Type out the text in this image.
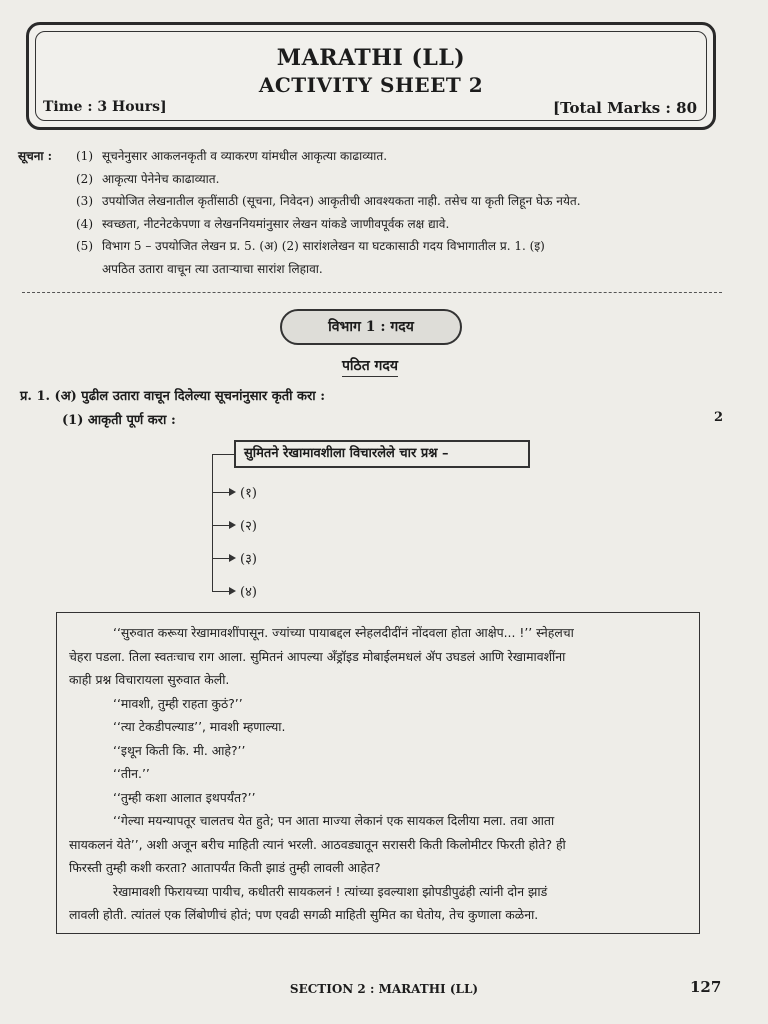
MARATHI (LL)
ACTIVITY SHEET 2
Time : 3 Hours]	[Total Marks : 80
सूचना :	(1) सूचनेनुसार आकलनकृती व व्याकरण यांमधील आकृत्या काढाव्यात.
(2) आकृत्या पेनेनेच काढाव्यात.
(3) उपयोजित लेखनातील कृतींसाठी (सूचना, निवेदन) आकृतीची आवश्यकता नाही. तसेच या कृती लिहून घेऊ नयेत.
(4) स्वच्छता, नीटनेटकेपणा व लेखननियमांनुसार लेखन यांकडे जाणीवपूर्वक लक्ष द्यावे.
(5) विभाग 5 – उपयोजित लेखन प्र. 5. (अ) (2) सारांशलेखन या घटकासाठी गदय विभागातील प्र. 1. (इ)
अपठित उतारा वाचून त्या उताऱ्याचा सारांश लिहावा.
विभाग 1 : गदय
पठित गदय
प्र. 1. (अ) पुढील उतारा वाचून दिलेल्या सूचनांनुसार कृती करा :
(1) आकृती पूर्ण करा :	2
सुमितने रेखामावशीला विचारलेले चार प्रश्न –
(१)
(२)
(३)
(४)
‘‘सुरुवात करूया रेखामावशींपासून. ज्यांच्या पायाबद्दल स्नेहलदीदींनं नोंदवला होता आक्षेप... !’’ स्नेहलचा
चेहरा पडला. तिला स्वतःचाच राग आला. सुमितनं आपल्या ॲंड्रॉइड मोबाईलमधलं ॲप उघडलं आणि रेखामावशींना
काही प्रश्न विचारायला सुरुवात केली.
‘‘मावशी, तुम्ही राहता कुठं?’’
‘‘त्या टेकडीपल्याड’’, मावशी म्हणाल्या.
‘‘इथून किती कि. मी. आहे?’’
‘‘तीन.’’
‘‘तुम्ही कशा आलात इथपर्यंत?’’
‘‘गेल्या मयन्यापतूर चालतच येत हुते; पन आता माज्या लेकानं एक सायकल दिलीया मला. तवा आता
सायकलनं येते’’, अशी अजून बरीच माहिती त्यानं भरली. आठवड्यातून सरासरी किती किलोमीटर फिरती होते? ही
फिरस्ती तुम्ही कशी करता? आतापर्यंत किती झाडं तुम्ही लावली आहेत?
रेखामावशी फिरायच्या पायीच, कधीतरी सायकलनं ! त्यांच्या इवल्याशा झोपडीपुढंही त्यांनी दोन झाडं
लावली होती. त्यांतलं एक लिंबोणीचं होतं; पण एवढी सगळी माहिती सुमित का घेतोय, तेच कुणाला कळेना.
SECTION 2 : MARATHI (LL)	127
